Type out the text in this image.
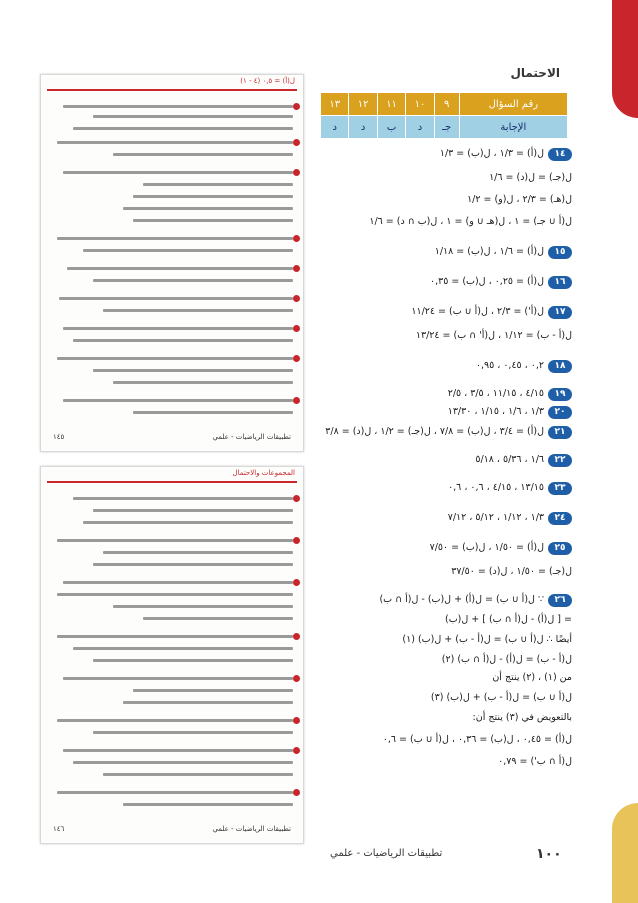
الاحتمال
رقم السؤال	٩	١٠	١١	١٢	١٣
الإجابة	جـ	د	ب	د	د
ل(أ) = ٠,٥ (٤ - ١)
١٤٥	تطبيقات الرياضيات - علمي
المجموعات والاحتمال
١٤٦	تطبيقات الرياضيات - علمي
١٤ل(أ) = ١/٣ ، ل(ب) = ١/٣
ل(جـ) = ل(د) = ١/٦
ل(هـ) = ٢/٣ ، ل(و) = ١/٢
ل(أ ∪ جـ) = ١ ، ل(هـ ∪ و) = ١ ، ل(ب ∩ د) = ١/٦
١٥ل(أ) = ١/٦ ، ل(ب) = ١/١٨
١٦ل(أ) = ٠,٢٥ ، ل(ب) = ٠,٣٥
١٧ل(أ') = ٢/٣ ، ل(أ ∪ ب) = ١١/٢٤
ل(أ - ب) = ١/١٢ ، ل(أ' ∩ ب) = ١٣/٢٤
١٨٠,٢ ، ٠,٤٥ ، ٠,٩٥
١٩٤/١٥ ، ١١/١٥ ، ٣/٥ ، ٢/٥
٢٠١/٣ ، ١/٦ ، ١/١٥ ، ١٣/٣٠
٢١ل(أ) = ٣/٤ ، ل(ب) = ٧/٨ ، ل(جـ) = ١/٢ ، ل(د) = ٣/٨
٢٢١/٦ ، ٥/٣٦ ، ٥/١٨
٢٣١٣/١٥ ، ٤/١٥ ، ٠,٦ ، ٠,٦
٢٤١/٣ ، ١/١٢ ، ٥/١٢ ، ٧/١٢
٢٥ل(أ) = ١/٥٠ ، ل(ب) = ٧/٥٠
ل(جـ) = ١/٥٠ ، ل(د) = ٣٧/٥٠
٢٦∵ ل(أ ∪ ب) = ل(أ) + ل(ب) - ل(أ ∩ ب)
= [ ل(أ) - ل(أ ∩ ب) ] + ل(ب)
أيضًا ∴ ل(أ ∪ ب) = ل(أ - ب) + ل(ب) (١)
ل(أ - ب) = ل(أ) - ل(أ ∩ ب) (٢)
من (١) ، (٢) ينتج أن
ل(أ ∪ ب) = ل(أ - ب) + ل(ب) (٣)
بالتعويض في (٣) ينتج أن:
ل(أ) = ٠,٤٥ ، ل(ب) = ٠,٣٦ ، ل(أ ∪ ب) = ٠,٦
ل(أ ∩ ب') = ٠,٧٩
١٠٠
تطبيقات الرياضيات - علمي
